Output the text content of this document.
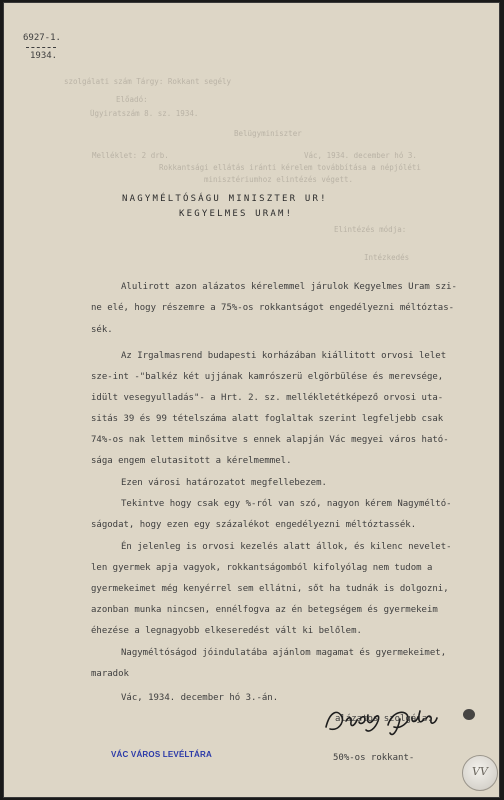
6927-1.
1934.
szolgálati szám Tárgy: Rokkant segély
Előadó:
Ügyiratszám 8. sz. 1934.
Belügyminiszter
Melléklet: 2 drb.	Vác, 1934. december hó 3.
Rokkantsági ellátás iránti kérelem továbbítása a népjóléti
minisztériumhoz elintézés végett.
Elintézés módja:
Intézkedés
NAGYMÉLTÓSÁGU MINISZTER UR!
KEGYELMES URAM!
Alulirott azon alázatos kérelemmel járulok Kegyelmes Uram szi-
ne elé, hogy részemre a 75%-os rokkantságot engedélyezni méltóztas-
sék.
Az Irgalmasrend budapesti korházában kiállitott orvosi lelet
sze-int -"balkéz két ujjának kamrószerü elgörbülése és merevsége,
idült vesegyulladás"- a Hrt. 2. sz. mellékletétképező orvosi uta-
sitás 39 és 99 tételszáma alatt foglaltak szerint legfeljebb csak
74%-os nak lettem minősitve s ennek alapján Vác megyei város ható-
sága engem elutasitott a kérelmemmel.
Ezen városi határozatot megfellebezem.
Tekintve hogy csak egy %-ról van szó, nagyon kérem Nagyméltó-
ságodat, hogy ezen egy százalékot engedélyezni méltóztassék.
Én jelenleg is orvosi kezelés alatt állok, és kilenc nevelet-
len gyermek apja vagyok, rokkantságomból kifolyólag nem tudom a
gyermekeimet még kenyérrel sem ellátni, sőt ha tudnák is dolgozni,
azonban munka nincsen, ennélfogva az én betegségem és gyermekeim
éhezése a legnagyobb elkeseredést vált ki belőlem.
Nagyméltóságod jóindulatába ajánlom magamat és gyermekeimet,
maradok
Vác, 1934. december hó 3.-án.
alázatos szolgája:
50%-os rokkant-
VÁC VÁROS LEVÉLTÁRA
VV
